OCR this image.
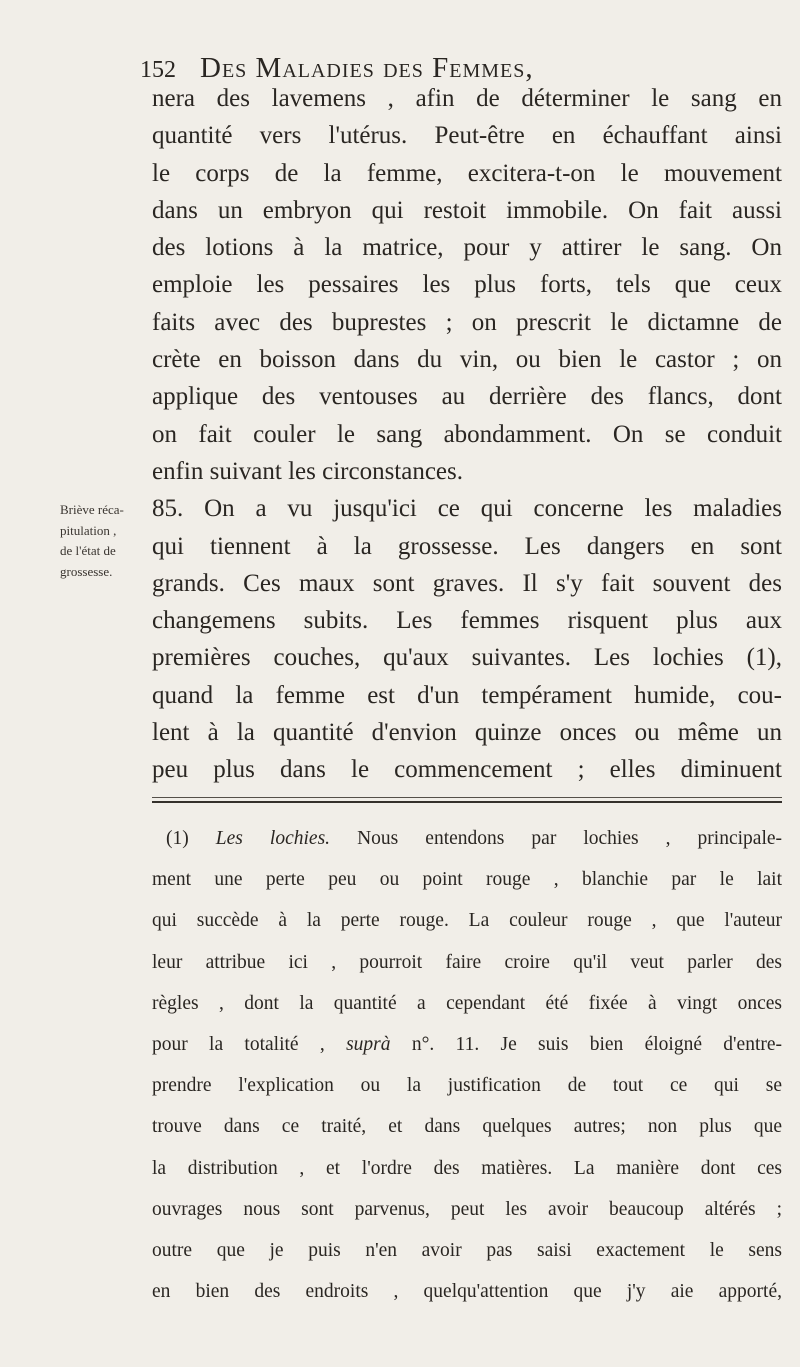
152 Des Maladies des Femmes,
nera des lavemens , afin de déterminer le sang en
quantité vers l'utérus. Peut-être en échauffant ainsi
le corps de la femme, excitera-t-on le mouvement
dans un embryon qui restoit immobile. On fait aussi
des lotions à la matrice, pour y attirer le sang. On
emploie les pessaires les plus forts, tels que ceux
faits avec des buprestes ; on prescrit le dictamne de
crète en boisson dans du vin, ou bien le castor ; on
applique des ventouses au derrière des flancs, dont
on fait couler le sang abondamment. On se conduit
enfin suivant les circonstances.
85. On a vu jusqu'ici ce qui concerne les maladies
qui tiennent à la grossesse. Les dangers en sont
grands. Ces maux sont graves. Il s'y fait souvent des
changemens subits. Les femmes risquent plus aux
premières couches, qu'aux suivantes. Les lochies (1),
quand la femme est d'un tempérament humide, cou-
lent à la quantité d'envion quinze onces ou même un
peu plus dans le commencement ; elles diminuent
Briève réca-
pitulation ,
de l'état de
grossesse.
(1) Les lochies. Nous entendons par lochies , principale-
ment une perte peu ou point rouge , blanchie par le lait
qui succède à la perte rouge. La couleur rouge , que l'auteur
leur attribue ici , pourroit faire croire qu'il veut parler des
règles , dont la quantité a cependant été fixée à vingt onces
pour la totalité , suprà n°. 11. Je suis bien éloigné d'entre-
prendre l'explication ou la justification de tout ce qui se
trouve dans ce traité, et dans quelques autres; non plus que
la distribution , et l'ordre des matières. La manière dont ces
ouvrages nous sont parvenus, peut les avoir beaucoup altérés ;
outre que je puis n'en avoir pas saisi exactement le sens
en bien des endroits , quelqu'attention que j'y aie apporté,
